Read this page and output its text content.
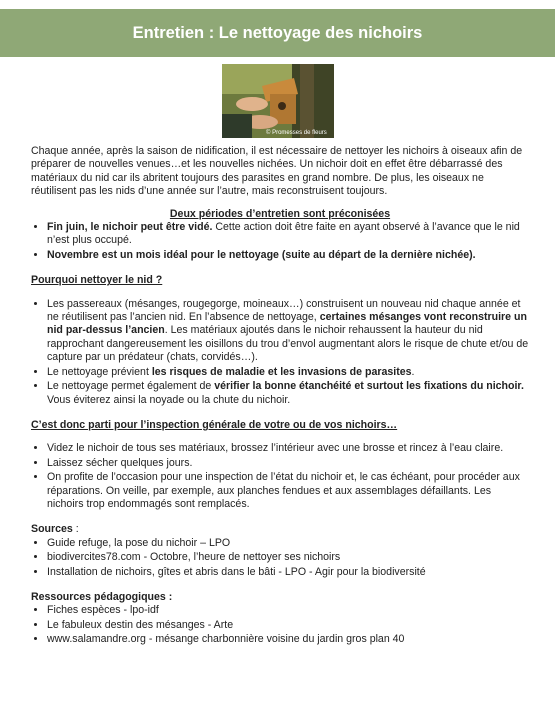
Entretien : Le nettoyage des nichoirs
© Promesses de fleurs

Chaque année, après la saison de nidification, il est nécessaire de nettoyer les nichoirs à oiseaux afin de préparer de nouvelles venues…et les nouvelles nichées. Un nichoir doit en effet être débarrassé des matériaux du nid car ils abritent toujours des parasites en grand nombre. De plus, les oiseaux ne réutilisent pas les nids d’une année sur l’autre, mais reconstruisent toujours.

Deux périodes d’entretien sont préconisées

• Fin juin, le nichoir peut être vidé. Cette action doit être faite en ayant observé à l’avance que le nid n’est plus occupé.
• Novembre est un mois idéal pour le nettoyage (suite au départ de la dernière nichée).

Pourquoi nettoyer le nid ?

• Les passereaux (mésanges, rougegorge, moineaux…) construisent un nouveau nid chaque année et ne réutilisent pas l’ancien nid. En l’absence de nettoyage, certaines mésanges vont reconstruire un nid par-dessus l’ancien. Les matériaux ajoutés dans le nichoir rehaussent la hauteur du nid rapprochant dangereusement les oisillons du trou d’envol augmentant alors le risque de chute et/ou de capture par un prédateur (chats, corvidés…).
• Le nettoyage prévient les risques de maladie et les invasions de parasites.
• Le nettoyage permet également de vérifier la bonne étanchéité et surtout les fixations du nichoir. Vous éviterez ainsi la noyade ou la chute du nichoir.

C’est donc parti pour l’inspection générale de votre ou de vos nichoirs…

• Videz le nichoir de tous ses matériaux, brossez l’intérieur avec une brosse et rincez à l’eau claire.
• Laissez sécher quelques jours.
• On profite de l’occasion pour une inspection de l’état du nichoir et, le cas échéant, pour procéder aux réparations. On veille, par exemple, aux planches fendues et aux assemblages défaillants. Les nichoirs trop endommagés sont remplacés.

Sources :

• Guide refuge, la pose du nichoir – LPO
• biodivercites78.com - Octobre, l’heure de nettoyer ses nichoirs
• Installation de nichoirs, gîtes et abris dans le bâti - LPO - Agir pour la biodiversité

Ressources pédagogiques :

• Fiches espèces - lpo-idf
• Le fabuleux destin des mésanges - Arte
• www.salamandre.org - mésange charbonnière voisine du jardin gros plan 40
